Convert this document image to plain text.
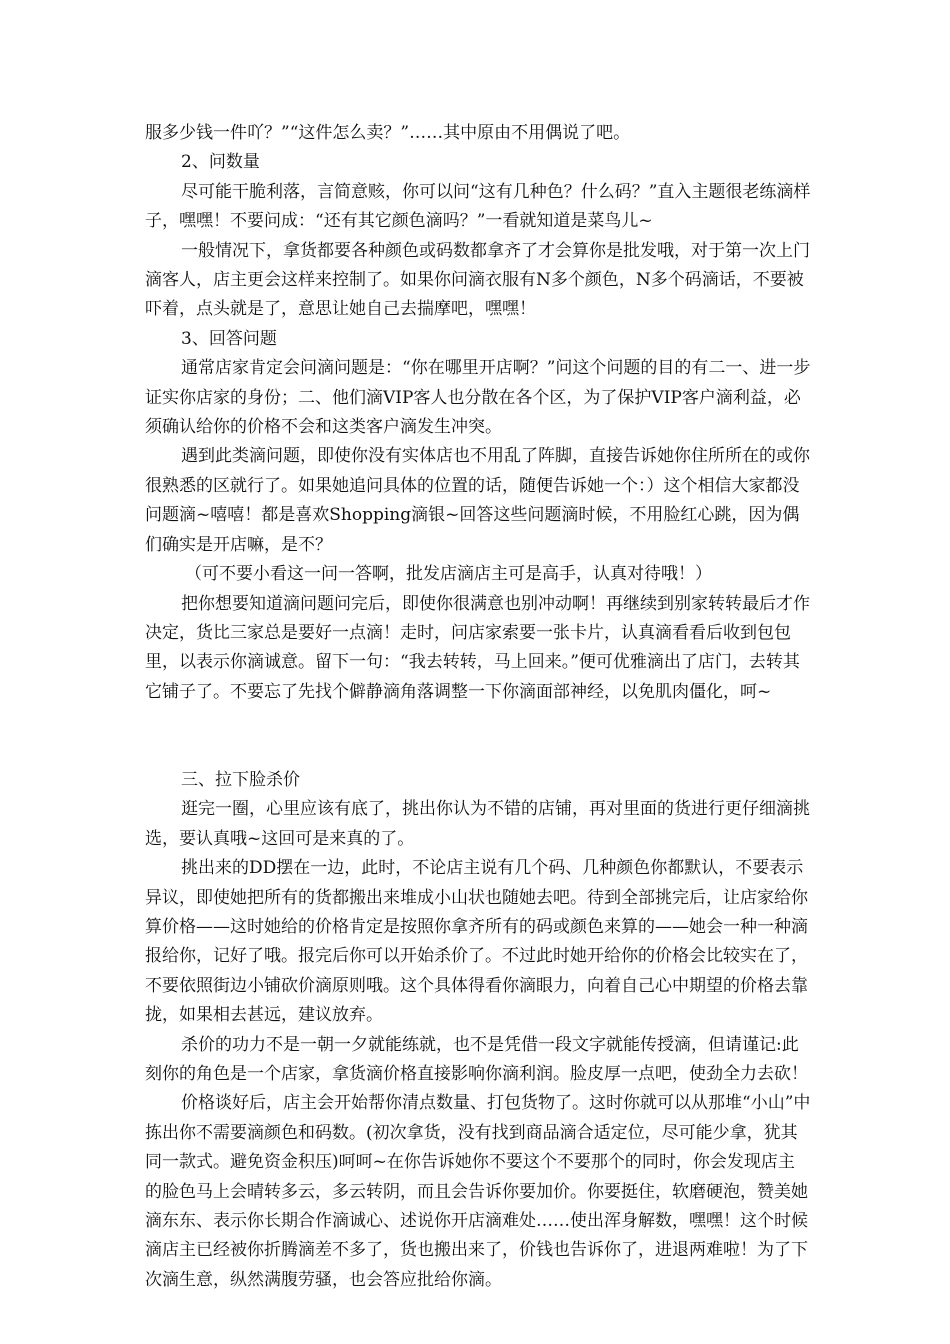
服多少钱一件吖？”“这件怎么卖？”……其中原由不用偶说了吧。

2、问数量

尽可能干脆利落，言简意赅，你可以问“这有几种色？什么码？”直入主题很老练滴样子，嘿嘿！不要问成：“还有其它颜色滴吗？”一看就知道是菜鸟儿~

一般情况下，拿货都要各种颜色或码数都拿齐了才会算你是批发哦，对于第一次上门滴客人，店主更会这样来控制了。如果你问滴衣服有N多个颜色，N多个码滴话，不要被吓着，点头就是了，意思让她自己去揣摩吧，嘿嘿！

3、回答问题

通常店家肯定会问滴问题是：“你在哪里开店啊？”问这个问题的目的有二一、进一步证实你店家的身份；二、他们滴VIP客人也分散在各个区，为了保护VIP客户滴利益，必须确认给你的价格不会和这类客户滴发生冲突。

遇到此类滴问题，即使你没有实体店也不用乱了阵脚，直接告诉她你住所所在的或你很熟悉的区就行了。如果她追问具体的位置的话，随便告诉她一个：）这个相信大家都没问题滴~嘻嘻！都是喜欢Shopping滴银~回答这些问题滴时候，不用脸红心跳，因为偶们确实是开店嘛，是不？

（可不要小看这一问一答啊，批发店滴店主可是高手，认真对待哦！）

把你想要知道滴问题问完后，即使你很满意也别冲动啊！再继续到别家转转最后才作决定，货比三家总是要好一点滴！走时，问店家索要一张卡片，认真滴看看后收到包包里，以表示你滴诚意。留下一句：“我去转转，马上回来。”便可优雅滴出了店门，去转其它铺子了。不要忘了先找个僻静滴角落调整一下你滴面部神经，以免肌肉僵化，呵~

三、拉下脸杀价

逛完一圈，心里应该有底了，挑出你认为不错的店铺，再对里面的货进行更仔细滴挑选，要认真哦~这回可是来真的了。

挑出来的DD摆在一边，此时，不论店主说有几个码、几种颜色你都默认，不要表示异议，即使她把所有的货都搬出来堆成小山状也随她去吧。待到全部挑完后，让店家给你算价格——这时她给的价格肯定是按照你拿齐所有的码或颜色来算的——她会一种一种滴报给你，记好了哦。报完后你可以开始杀价了。不过此时她开给你的价格会比较实在了，不要依照街边小铺砍价滴原则哦。这个具体得看你滴眼力，向着自己心中期望的价格去靠拢，如果相去甚远，建议放弃。

杀价的功力不是一朝一夕就能练就，也不是凭借一段文字就能传授滴，但请谨记:此刻你的角色是一个店家，拿货滴价格直接影响你滴利润。脸皮厚一点吧，使劲全力去砍！

价格谈好后，店主会开始帮你清点数量、打包货物了。这时你就可以从那堆“小山”中拣出你不需要滴颜色和码数。(初次拿货，没有找到商品滴合适定位，尽可能少拿，犹其同一款式。避免资金积压)呵呵~在你告诉她你不要这个不要那个的同时，你会发现店主的脸色马上会晴转多云，多云转阴，而且会告诉你要加价。你要挺住，软磨硬泡，赞美她滴东东、表示你长期合作滴诚心、述说你开店滴难处……使出浑身解数，嘿嘿！这个时候滴店主已经被你折腾滴差不多了，货也搬出来了，价钱也告诉你了，进退两难啦！为了下次滴生意，纵然满腹劳骚，也会答应批给你滴。
